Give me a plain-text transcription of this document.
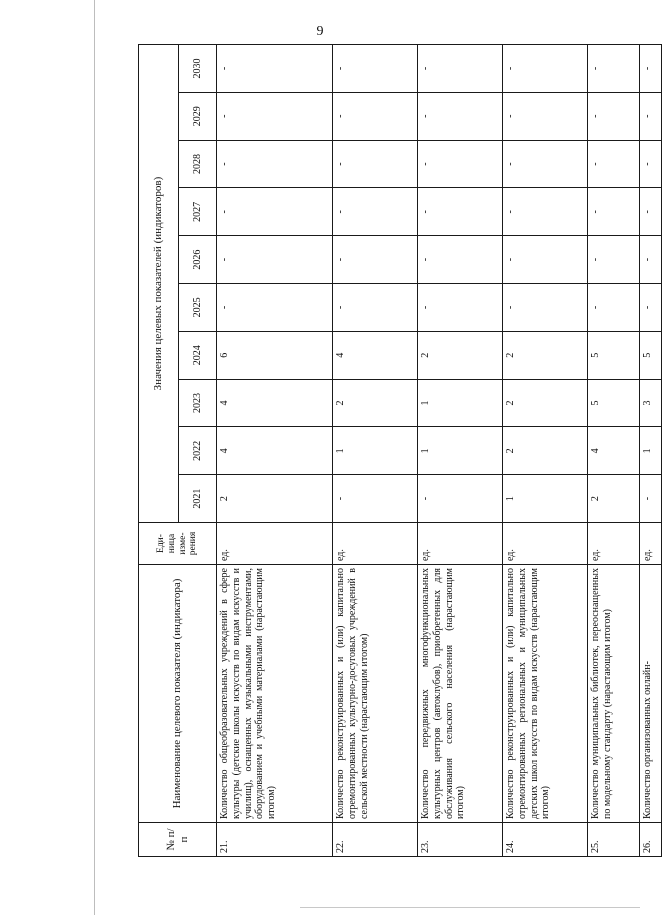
9
№ п/п	Наименование целевого показателя (индикатора)	Еди-ница изме-рения	Значения целевых показателей (индикаторов)									
			2021	2022	2023	2024	2025	2026	2027	2028	2029	2030
21.	Количество общеобразовательных учреждений в сфере культуры (детские школы искусств по видам искусств и училищ), оснащенных музыкальными инструментами, оборудованием и учебными материалами (нарастающим итогом)	ед.	2	4	4	6	-	-	-	-	-	-
22.	Количество реконструированных и (или) капитально отремонтированных культурно-досуговых учреждений в сельской местности (нарастающим итогом)	ед.	-	1	2	4	-	-	-	-	-	-
23.	Количество передвижных многофункциональных культурных центров (автоклубов), приобретенных для обслуживания сельского населения (нарастающим итогом)	ед.	-	1	1	2	-	-	-	-	-	-
24.	Количество реконструированных и (или) капитально отремонтированных региональных и муниципальных детских школ искусств по видам искусств (нарастающим итогом)	ед.	1	2	2	2	-	-	-	-	-	-
25.	Количество муниципальных библиотек, переоснащенных по модельному стандарту (нарастающим итогом)	ед.	2	4	5	5	-	-	-	-	-	-
26.	Количество организованных онлайн-	ед.	-	1	3	5	-	-	-	-	-	-
